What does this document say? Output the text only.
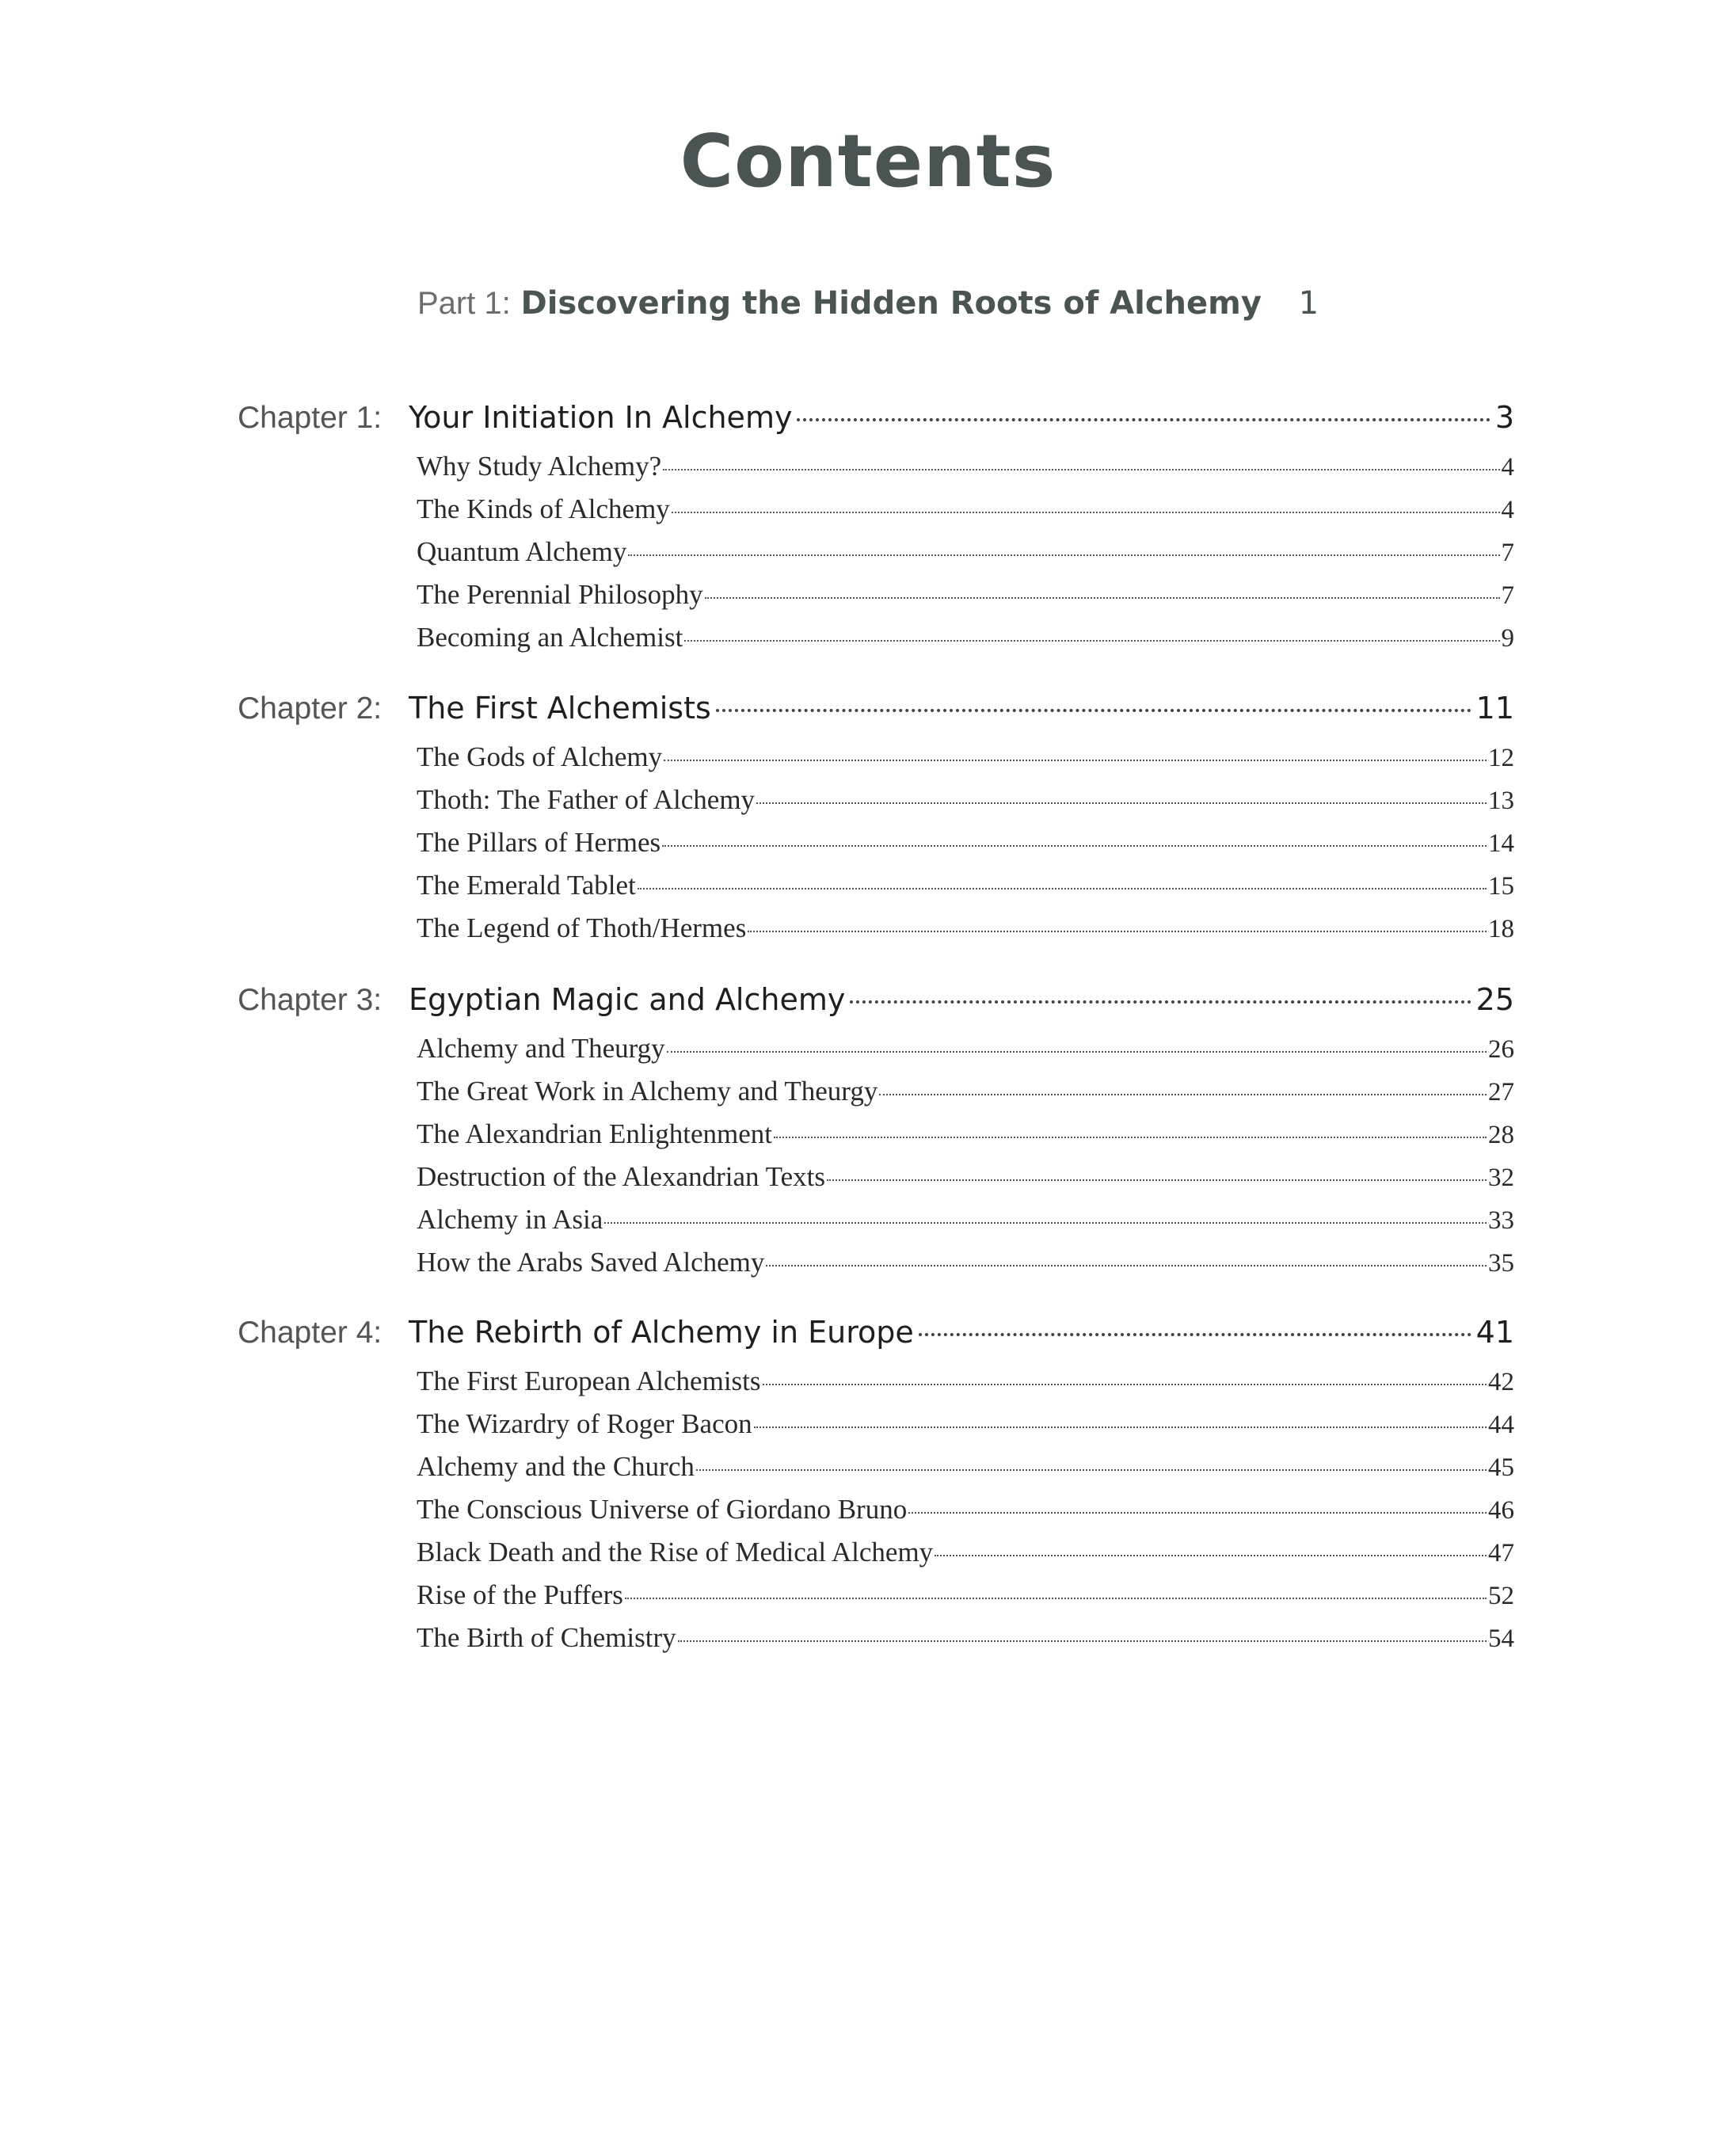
Contents
Part 1: Discovering the Hidden Roots of Alchemy 1
Chapter 1: Your Initiation In Alchemy	3
Why Study Alchemy?	4
The Kinds of Alchemy	4
Quantum Alchemy	7
The Perennial Philosophy	7
Becoming an Alchemist	9
Chapter 2: The First Alchemists	11
The Gods of Alchemy	12
Thoth: The Father of Alchemy	13
The Pillars of Hermes	14
The Emerald Tablet	15
The Legend of Thoth/Hermes	18
Chapter 3: Egyptian Magic and Alchemy	25
Alchemy and Theurgy	26
The Great Work in Alchemy and Theurgy	27
The Alexandrian Enlightenment	28
Destruction of the Alexandrian Texts	32
Alchemy in Asia	33
How the Arabs Saved Alchemy	35
Chapter 4: The Rebirth of Alchemy in Europe	41
The First European Alchemists	42
The Wizardry of Roger Bacon	44
Alchemy and the Church	45
The Conscious Universe of Giordano Bruno	46
Black Death and the Rise of Medical Alchemy	47
Rise of the Puffers	52
The Birth of Chemistry	54
